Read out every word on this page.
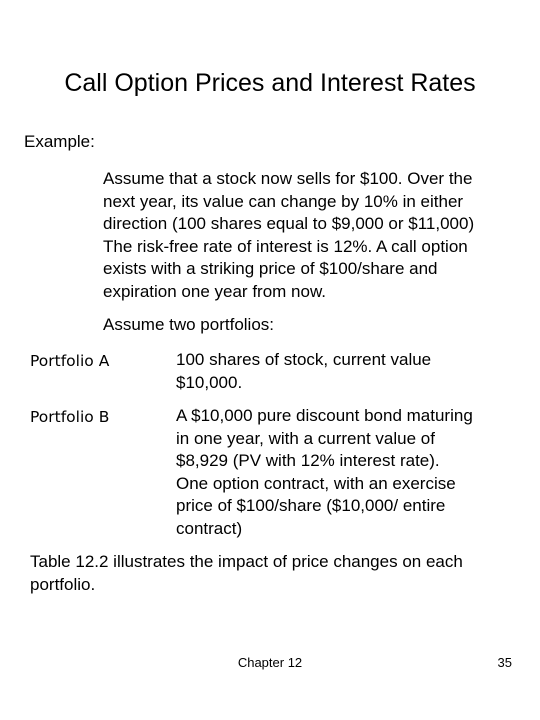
Call Option Prices and Interest Rates
Example:
Assume that a stock now sells for $100. Over the
next year, its value can change by 10% in either
direction (100 shares equal to $9,000 or $11,000)
The risk-free rate of interest is 12%. A call option
exists with a striking price of $100/share and
expiration one year from now.
Assume two portfolios:
Portfolio A	100 shares of stock, current value
$10,000.
Portfolio B	A $10,000 pure discount bond maturing
in one year, with a current value of
$8,929 (PV with 12% interest rate).
One option contract, with an exercise
price of $100/share ($10,000/ entire
contract)
Table 12.2 illustrates the impact of price changes on each
portfolio.
Chapter 12	35
